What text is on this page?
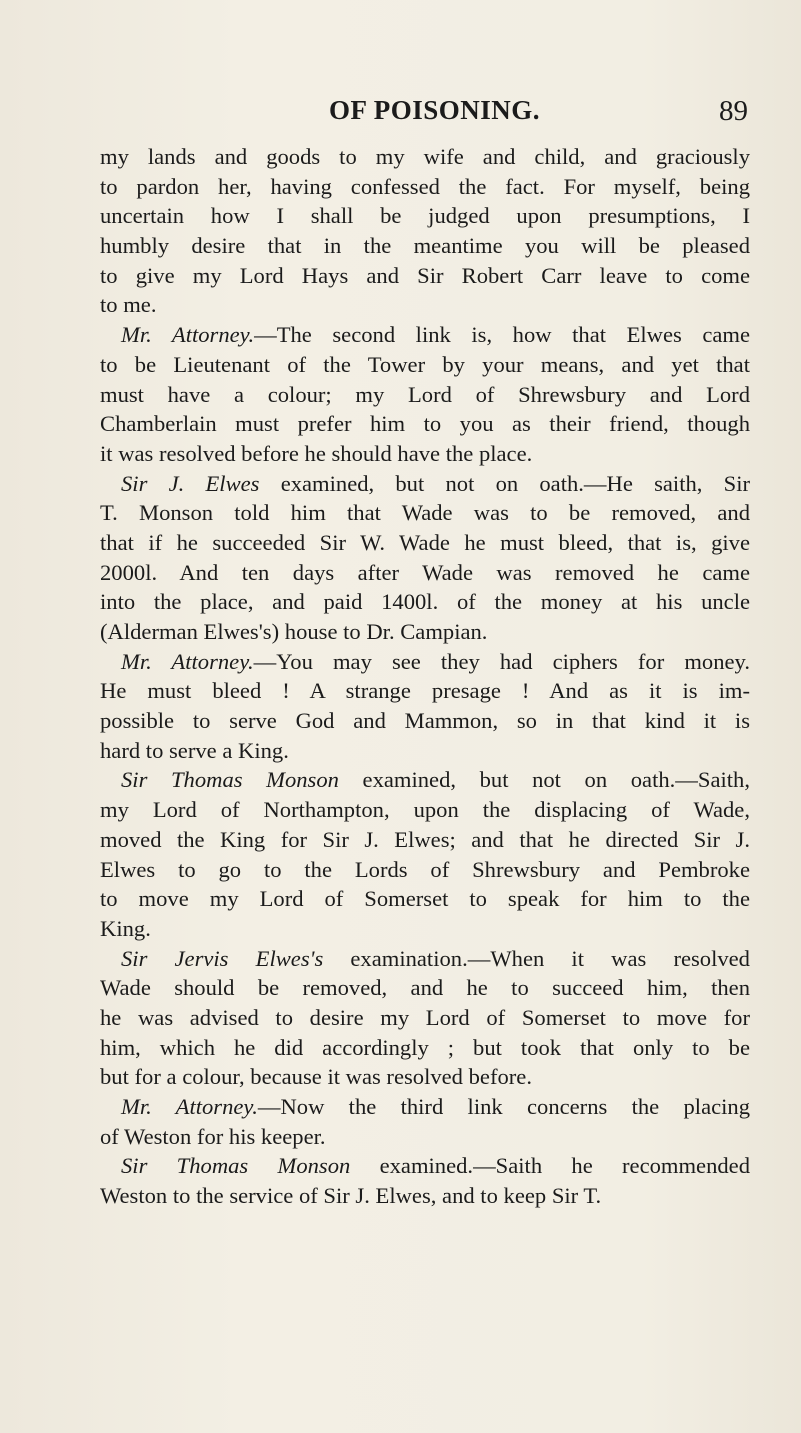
OF POISONING.	89
my lands and goods to my wife and child, and graciously
to pardon her, having confessed the fact. For myself, being
uncertain how I shall be judged upon presumptions, I
humbly desire that in the meantime you will be pleased
to give my Lord Hays and Sir Robert Carr leave to come
to me.
Mr. Attorney.—The second link is, how that Elwes came
to be Lieutenant of the Tower by your means, and yet that
must have a colour; my Lord of Shrewsbury and Lord
Chamberlain must prefer him to you as their friend, though
it was resolved before he should have the place.
Sir J. Elwes examined, but not on oath.—He saith, Sir
T. Monson told him that Wade was to be removed, and
that if he succeeded Sir W. Wade he must bleed, that is, give
2000l. And ten days after Wade was removed he came
into the place, and paid 1400l. of the money at his uncle
(Alderman Elwes's) house to Dr. Campian.
Mr. Attorney.—You may see they had ciphers for money.
He must bleed ! A strange presage ! And as it is im-
possible to serve God and Mammon, so in that kind it is
hard to serve a King.
Sir Thomas Monson examined, but not on oath.—Saith,
my Lord of Northampton, upon the displacing of Wade,
moved the King for Sir J. Elwes; and that he directed Sir J.
Elwes to go to the Lords of Shrewsbury and Pembroke
to move my Lord of Somerset to speak for him to the
King.
Sir Jervis Elwes's examination.—When it was resolved
Wade should be removed, and he to succeed him, then
he was advised to desire my Lord of Somerset to move for
him, which he did accordingly ; but took that only to be
but for a colour, because it was resolved before.
Mr. Attorney.—Now the third link concerns the placing
of Weston for his keeper.
Sir Thomas Monson examined.—Saith he recommended
Weston to the service of Sir J. Elwes, and to keep Sir T.
